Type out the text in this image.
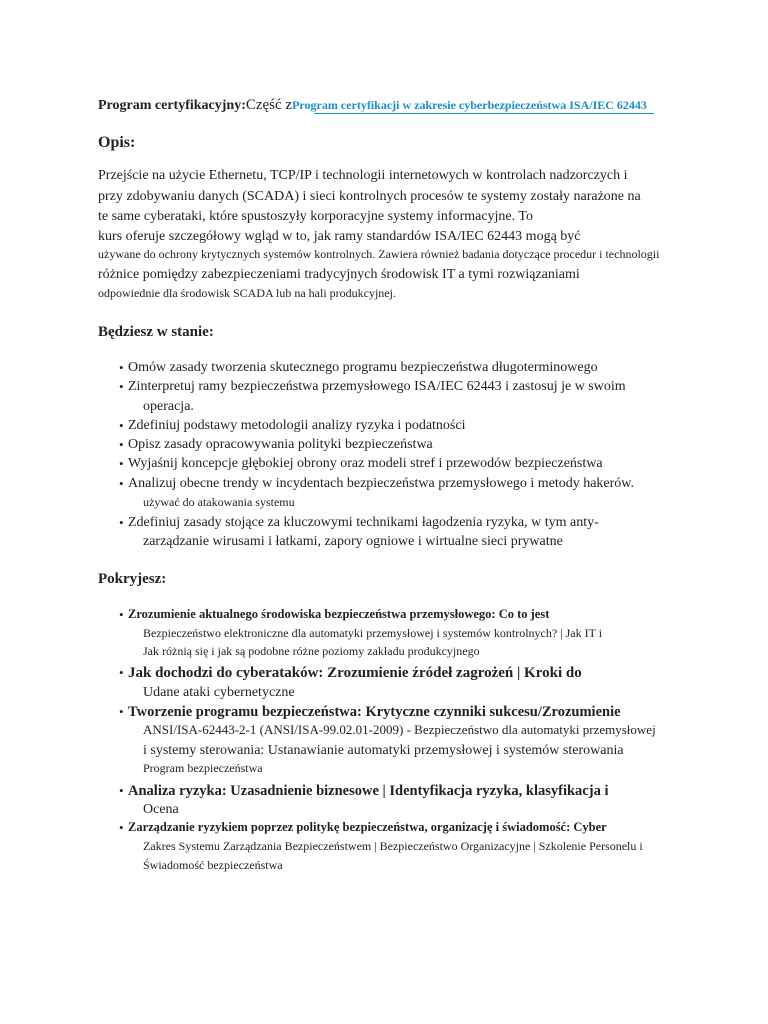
Program certyfikacyjny:Część zProgram certyfikacji w zakresie cyberbezpieczeństwa ISA/IEC 62443
Opis:
Przejście na użycie Ethernetu, TCP/IP i technologii internetowych w kontrolach nadzorczych i
przy zdobywaniu danych (SCADA) i sieci kontrolnych procesów te systemy zostały narażone na
te same cyberataki, które spustoszyły korporacyjne systemy informacyjne. To
kurs oferuje szczegółowy wgląd w to, jak ramy standardów ISA/IEC 62443 mogą być
używane do ochrony krytycznych systemów kontrolnych. Zawiera również badania dotyczące procedur i technologii
różnice pomiędzy zabezpieczeniami tradycyjnych środowisk IT a tymi rozwiązaniami
odpowiednie dla środowisk SCADA lub na hali produkcyjnej.
Będziesz w stanie:
• Omów zasady tworzenia skutecznego programu bezpieczeństwa długoterminowego
• Zinterpretuj ramy bezpieczeństwa przemysłowego ISA/IEC 62443 i zastosuj je w swoim
operacja.
• Zdefiniuj podstawy metodologii analizy ryzyka i podatności
• Opisz zasady opracowywania polityki bezpieczeństwa
• Wyjaśnij koncepcje głębokiej obrony oraz modeli stref i przewodów bezpieczeństwa
• Analizuj obecne trendy w incydentach bezpieczeństwa przemysłowego i metody hakerów.
używać do atakowania systemu
• Zdefiniuj zasady stojące za kluczowymi technikami łagodzenia ryzyka, w tym anty-
zarządzanie wirusami i łatkami, zapory ogniowe i wirtualne sieci prywatne
Pokryjesz:
• Zrozumienie aktualnego środowiska bezpieczeństwa przemysłowego: Co to jest
Bezpieczeństwo elektroniczne dla automatyki przemysłowej i systemów kontrolnych? | Jak IT i
Jak różnią się i jak są podobne różne poziomy zakładu produkcyjnego
• Jak dochodzi do cyberataków: Zrozumienie źródeł zagrożeń | Kroki do
Udane ataki cybernetyczne
• Tworzenie programu bezpieczeństwa: Krytyczne czynniki sukcesu/Zrozumienie
ANSI/ISA-62443-2-1 (ANSI/ISA-99.02.01-2009) - Bezpieczeństwo dla automatyki przemysłowej
i systemy sterowania: Ustanawianie automatyki przemysłowej i systemów sterowania
Program bezpieczeństwa
• Analiza ryzyka: Uzasadnienie biznesowe | Identyfikacja ryzyka, klasyfikacja i
Ocena
• Zarządzanie ryzykiem poprzez politykę bezpieczeństwa, organizację i świadomość: Cyber
Zakres Systemu Zarządzania Bezpieczeństwem | Bezpieczeństwo Organizacyjne | Szkolenie Personelu i
Świadomość bezpieczeństwa
